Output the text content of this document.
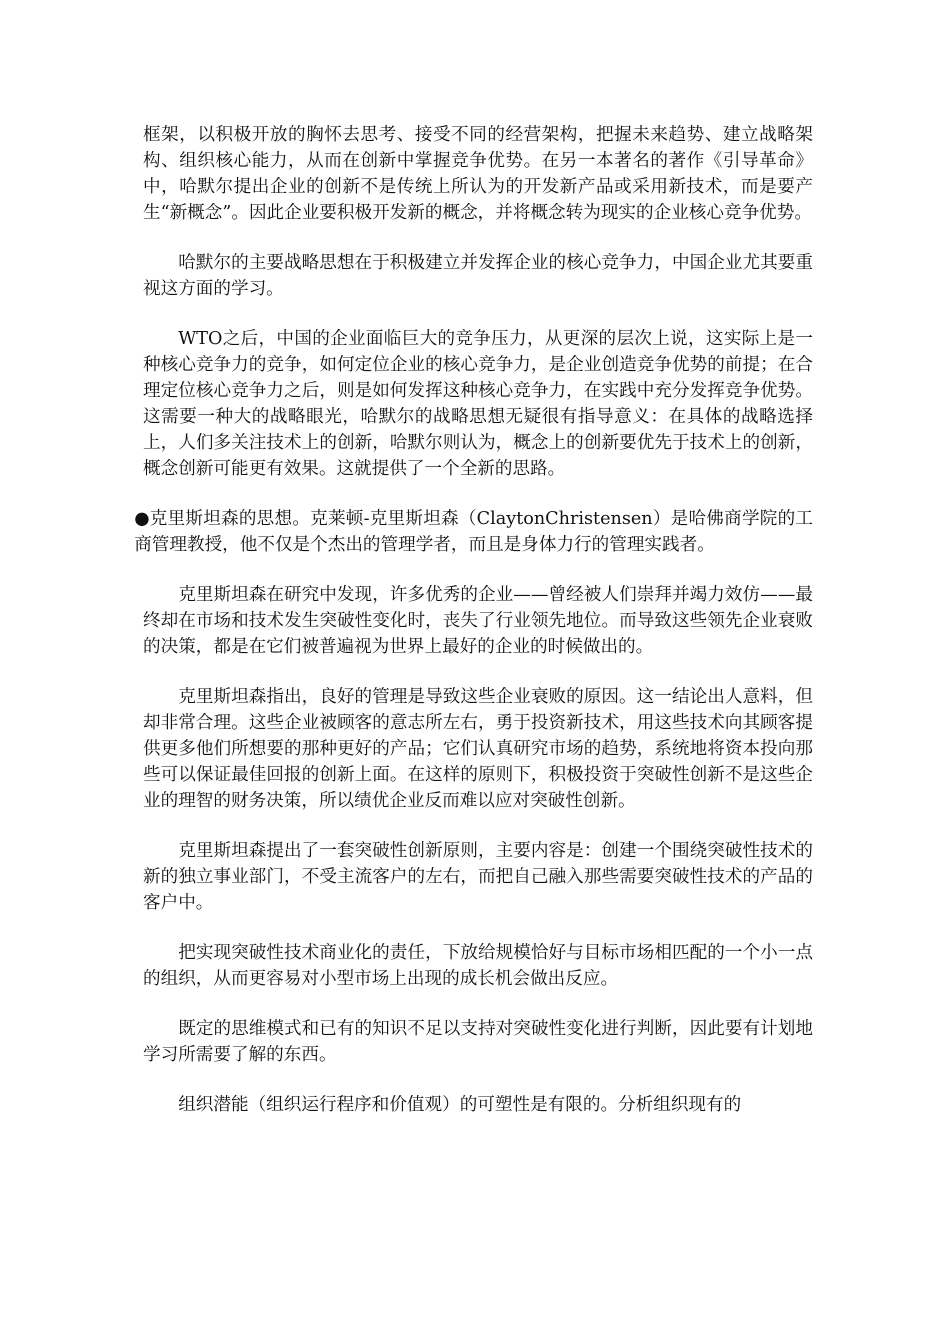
框架，以积极开放的胸怀去思考、接受不同的经营架构，把握未来趋势、建立战略架构、组织核心能力，从而在创新中掌握竞争优势。在另一本著名的著作《引导革命》中，哈默尔提出企业的创新不是传统上所认为的开发新产品或采用新技术，而是要产生“新概念”。因此企业要积极开发新的概念，并将概念转为现实的企业核心竞争优势。

哈默尔的主要战略思想在于积极建立并发挥企业的核心竞争力，中国企业尤其要重视这方面的学习。

WTO之后，中国的企业面临巨大的竞争压力，从更深的层次上说，这实际上是一种核心竞争力的竞争，如何定位企业的核心竞争力，是企业创造竞争优势的前提；在合理定位核心竞争力之后，则是如何发挥这种核心竞争力，在实践中充分发挥竞争优势。这需要一种大的战略眼光，哈默尔的战略思想无疑很有指导意义：在具体的战略选择上，人们多关注技术上的创新，哈默尔则认为，概念上的创新要优先于技术上的创新，概念创新可能更有效果。这就提供了一个全新的思路。

●克里斯坦森的思想。克莱顿-克里斯坦森（ClaytonChristensen）是哈佛商学院的工商管理教授，他不仅是个杰出的管理学者，而且是身体力行的管理实践者。

克里斯坦森在研究中发现，许多优秀的企业——曾经被人们崇拜并竭力效仿——最终却在市场和技术发生突破性变化时，丧失了行业领先地位。而导致这些领先企业衰败的决策，都是在它们被普遍视为世界上最好的企业的时候做出的。

克里斯坦森指出，良好的管理是导致这些企业衰败的原因。这一结论出人意料，但却非常合理。这些企业被顾客的意志所左右，勇于投资新技术，用这些技术向其顾客提供更多他们所想要的那种更好的产品；它们认真研究市场的趋势，系统地将资本投向那些可以保证最佳回报的创新上面。在这样的原则下，积极投资于突破性创新不是这些企业的理智的财务决策，所以绩优企业反而难以应对突破性创新。

克里斯坦森提出了一套突破性创新原则，主要内容是：创建一个围绕突破性技术的新的独立事业部门，不受主流客户的左右，而把自己融入那些需要突破性技术的产品的客户中。

把实现突破性技术商业化的责任，下放给规模恰好与目标市场相匹配的一个小一点的组织，从而更容易对小型市场上出现的成长机会做出反应。

既定的思维模式和已有的知识不足以支持对突破性变化进行判断，因此要有计划地学习所需要了解的东西。

组织潜能（组织运行程序和价值观）的可塑性是有限的。分析组织现有的
